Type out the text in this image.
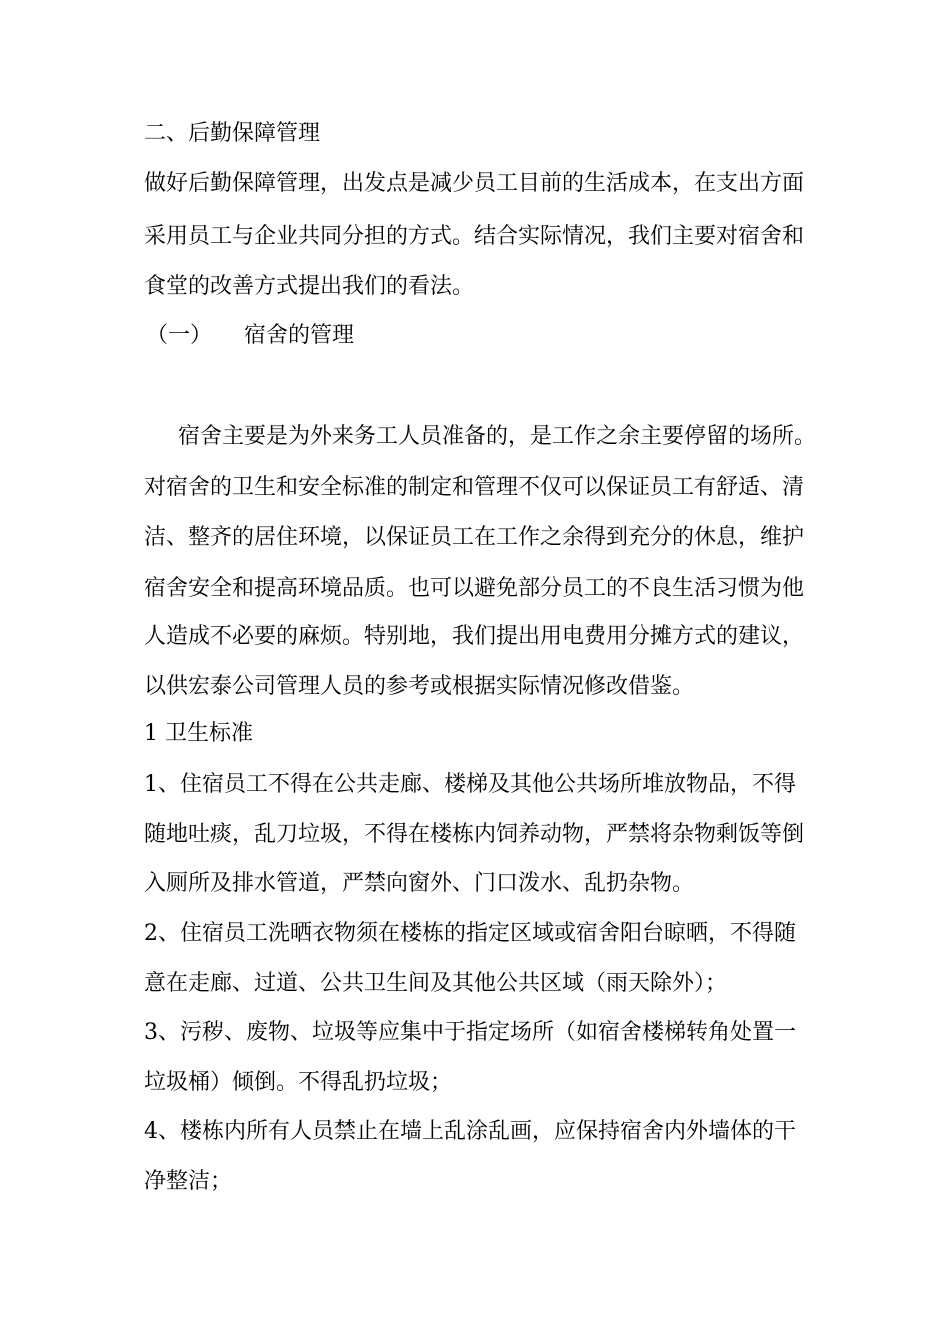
二、后勤保障管理
做好后勤保障管理，出发点是减少员工目前的生活成本，在支出方面
采用员工与企业共同分担的方式。结合实际情况，我们主要对宿舍和
食堂的改善方式提出我们的看法。
（一） 宿舍的管理
宿舍主要是为外来务工人员准备的，是工作之余主要停留的场所。
对宿舍的卫生和安全标准的制定和管理不仅可以保证员工有舒适、清
洁、整齐的居住环境，以保证员工在工作之余得到充分的休息，维护
宿舍安全和提高环境品质。也可以避免部分员工的不良生活习惯为他
人造成不必要的麻烦。特别地，我们提出用电费用分摊方式的建议，
以供宏泰公司管理人员的参考或根据实际情况修改借鉴。
1 卫生标准
1、住宿员工不得在公共走廊、楼梯及其他公共场所堆放物品，不得
随地吐痰，乱刀垃圾，不得在楼栋内饲养动物，严禁将杂物剩饭等倒
入厕所及排水管道，严禁向窗外、门口泼水、乱扔杂物。
2、住宿员工洗晒衣物须在楼栋的指定区域或宿舍阳台晾晒，不得随
意在走廊、过道、公共卫生间及其他公共区域（雨天除外）；
3、污秽、废物、垃圾等应集中于指定场所（如宿舍楼梯转角处置一
垃圾桶）倾倒。不得乱扔垃圾；
4、楼栋内所有人员禁止在墙上乱涂乱画，应保持宿舍内外墙体的干
净整洁；
